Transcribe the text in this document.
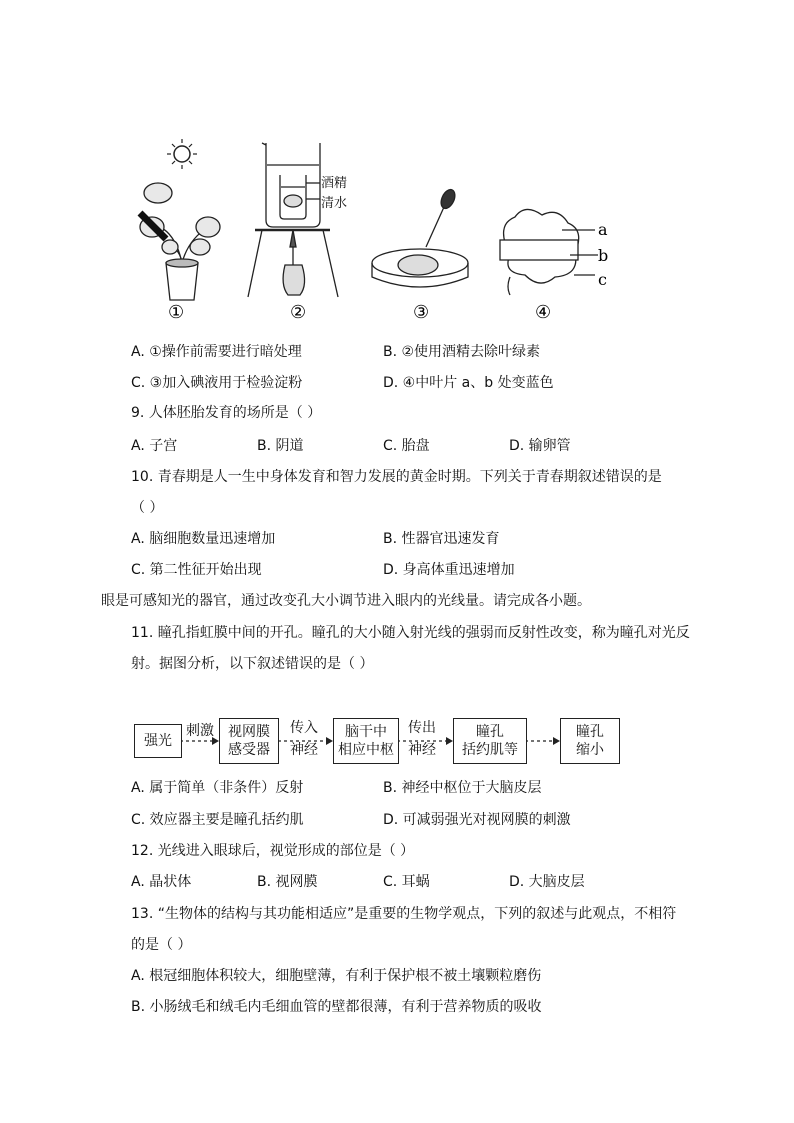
酒精
清水
a
b
c
①	②	③	④
A. ①操作前需要进行暗处理	B. ②使用酒精去除叶绿素
C. ③加入碘液用于检验淀粉	D. ④中叶片 a、b 处变蓝色
9. 人体胚胎发育的场所是（ ）
A. 子宫	B. 阴道	C. 胎盘	D. 输卵管
10. 青春期是人一生中身体发育和智力发展的黄金时期。下列关于青春期叙述错误的是
（ ）
A. 脑细胞数量迅速增加	B. 性器官迅速发育
C. 第二性征开始出现	D. 身高体重迅速增加
眼是可感知光的器官，通过改变孔大小调节进入眼内的光线量。请完成各小题。
11. 瞳孔指虹膜中间的开孔。瞳孔的大小随入射光线的强弱而反射性改变，称为瞳孔对光反
射。据图分析，以下叙述错误的是（ ）
强光
刺激 视网膜
感受器
传入
神经
脑干中
相应中枢
传出
神经
瞳孔
括约肌等
瞳孔
缩小
A. 属于简单（非条件）反射	B. 神经中枢位于大脑皮层
C. 效应器主要是瞳孔括约肌	D. 可减弱强光对视网膜的刺激
12. 光线进入眼球后，视觉形成的部位是（ ）
A. 晶状体	B. 视网膜	C. 耳蜗	D. 大脑皮层
13. “生物体的结构与其功能相适应”是重要的生物学观点，下列的叙述与此观点，不相符
的是（ ）
A. 根冠细胞体积较大，细胞壁薄，有利于保护根不被土壤颗粒磨伤
B. 小肠绒毛和绒毛内毛细血管的壁都很薄，有利于营养物质的吸收
